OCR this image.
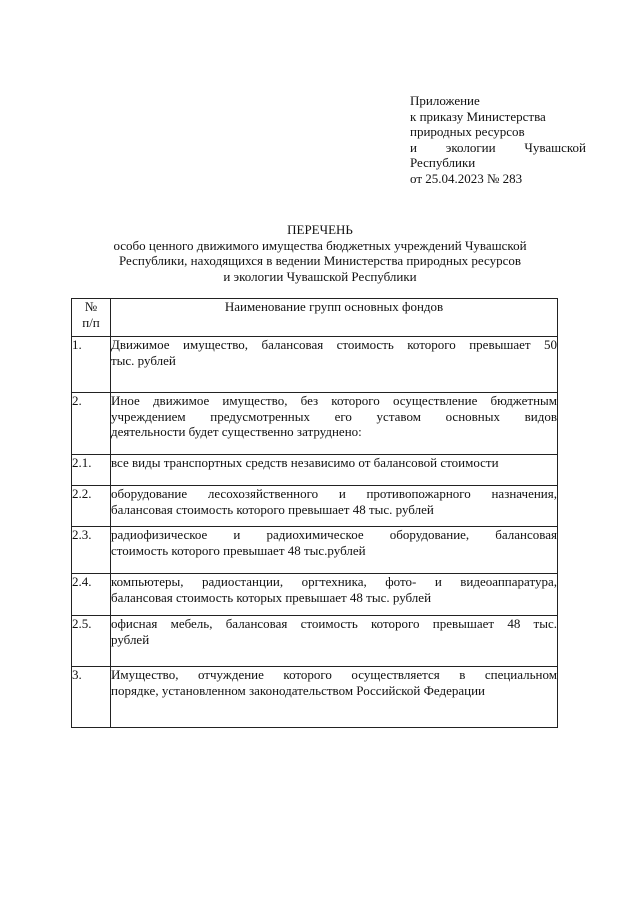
Приложение
к приказу Министерства
природных ресурсов
и экологии Чувашской
Республики
от 25.04.2023 № 283
ПЕРЕЧЕНЬ
особо ценного движимого имущества бюджетных учреждений Чувашской
Республики, находящихся в ведении Министерства природных ресурсов
и экологии Чувашской Республики
№
п/п	Наименование групп основных фондов
1.	Движимое имущество, балансовая стоимость которого превышает 50
тыс. рублей

2.	Иное движимое имущество, без которого осуществление бюджетным
учреждением предусмотренных его уставом основных видов
деятельности будет существенно затруднено:

2.1.	все виды транспортных средств независимо от балансовой стоимости

2.2.	оборудование лесохозяйственного и противопожарного назначения,
балансовая стоимость которого превышает 48 тыс. рублей

2.3.	радиофизическое и радиохимическое оборудование, балансовая
стоимость которого превышает 48 тыс.рублей

2.4.	компьютеры, радиостанции, оргтехника, фото- и видеоаппаратура,
балансовая стоимость которых превышает 48 тыс. рублей

2.5.	офисная мебель, балансовая стоимость которого превышает 48 тыс.
рублей

3.	Имущество, отчуждение которого осуществляется в специальном
порядке, установленном законодательством Российской Федерации
